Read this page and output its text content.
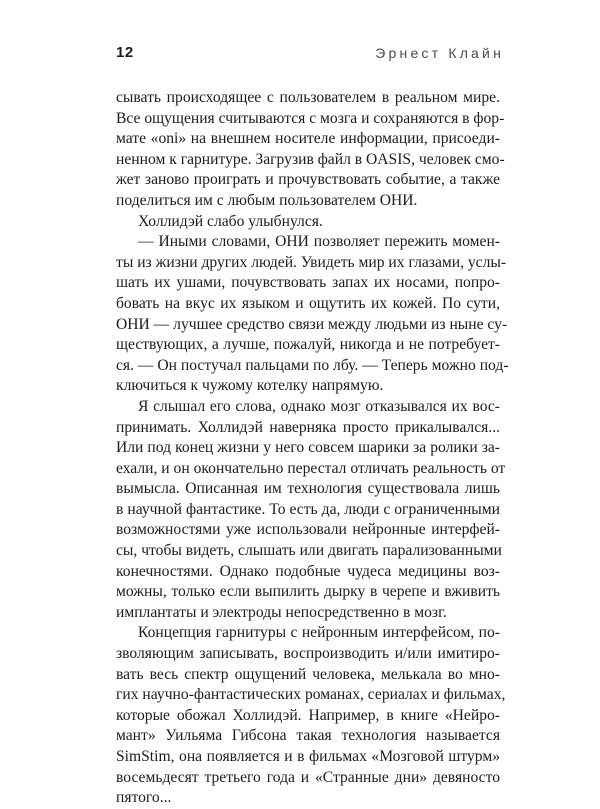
12	Эрнест Клайн
сывать происходящее с пользователем в реальном мире.
Все ощущения считываются с мозга и сохраняются в фор-
мате «oni» на внешнем носителе информации, присоеди-
ненном к гарнитуре. Загрузив файл в OASIS, человек смо-
жет заново проиграть и прочувствовать событие, а также
поделиться им с любым пользователем ОНИ.
Холлидэй слабо улыбнулся.
— Иными словами, ОНИ позволяет пережить момен-
ты из жизни других людей. Увидеть мир их глазами, услы-
шать их ушами, почувствовать запах их носами, попро-
бовать на вкус их языком и ощутить их кожей. По сути,
ОНИ — лучшее средство связи между людьми из ныне су-
ществующих, а лучше, пожалуй, никогда и не потребует-
ся. — Он постучал пальцами по лбу. — Теперь можно под-
ключиться к чужому котелку напрямую.
Я слышал его слова, однако мозг отказывался их вос-
принимать. Холлидэй наверняка просто прикалывался...
Или под конец жизни у него совсем шарики за ролики за-
ехали, и он окончательно перестал отличать реальность от
вымысла. Описанная им технология существовала лишь
в научной фантастике. То есть да, люди с ограниченными
возможностями уже использовали нейронные интерфей-
сы, чтобы видеть, слышать или двигать парализованными
конечностями. Однако подобные чудеса медицины воз-
можны, только если выпилить дырку в черепе и вживить
имплантаты и электроды непосредственно в мозг.
Концепция гарнитуры с нейронным интерфейсом, по-
зволяющим записывать, воспроизводить и/или имитиро-
вать весь спектр ощущений человека, мелькала во мно-
гих научно-фантастических романах, сериалах и фильмах,
которые обожал Холлидэй. Например, в книге «Нейро-
мант» Уильяма Гибсона такая технология называется
SimStim, она появляется и в фильмах «Мозговой штурм»
восемьдесят третьего года и «Странные дни» девяносто
пятого...
